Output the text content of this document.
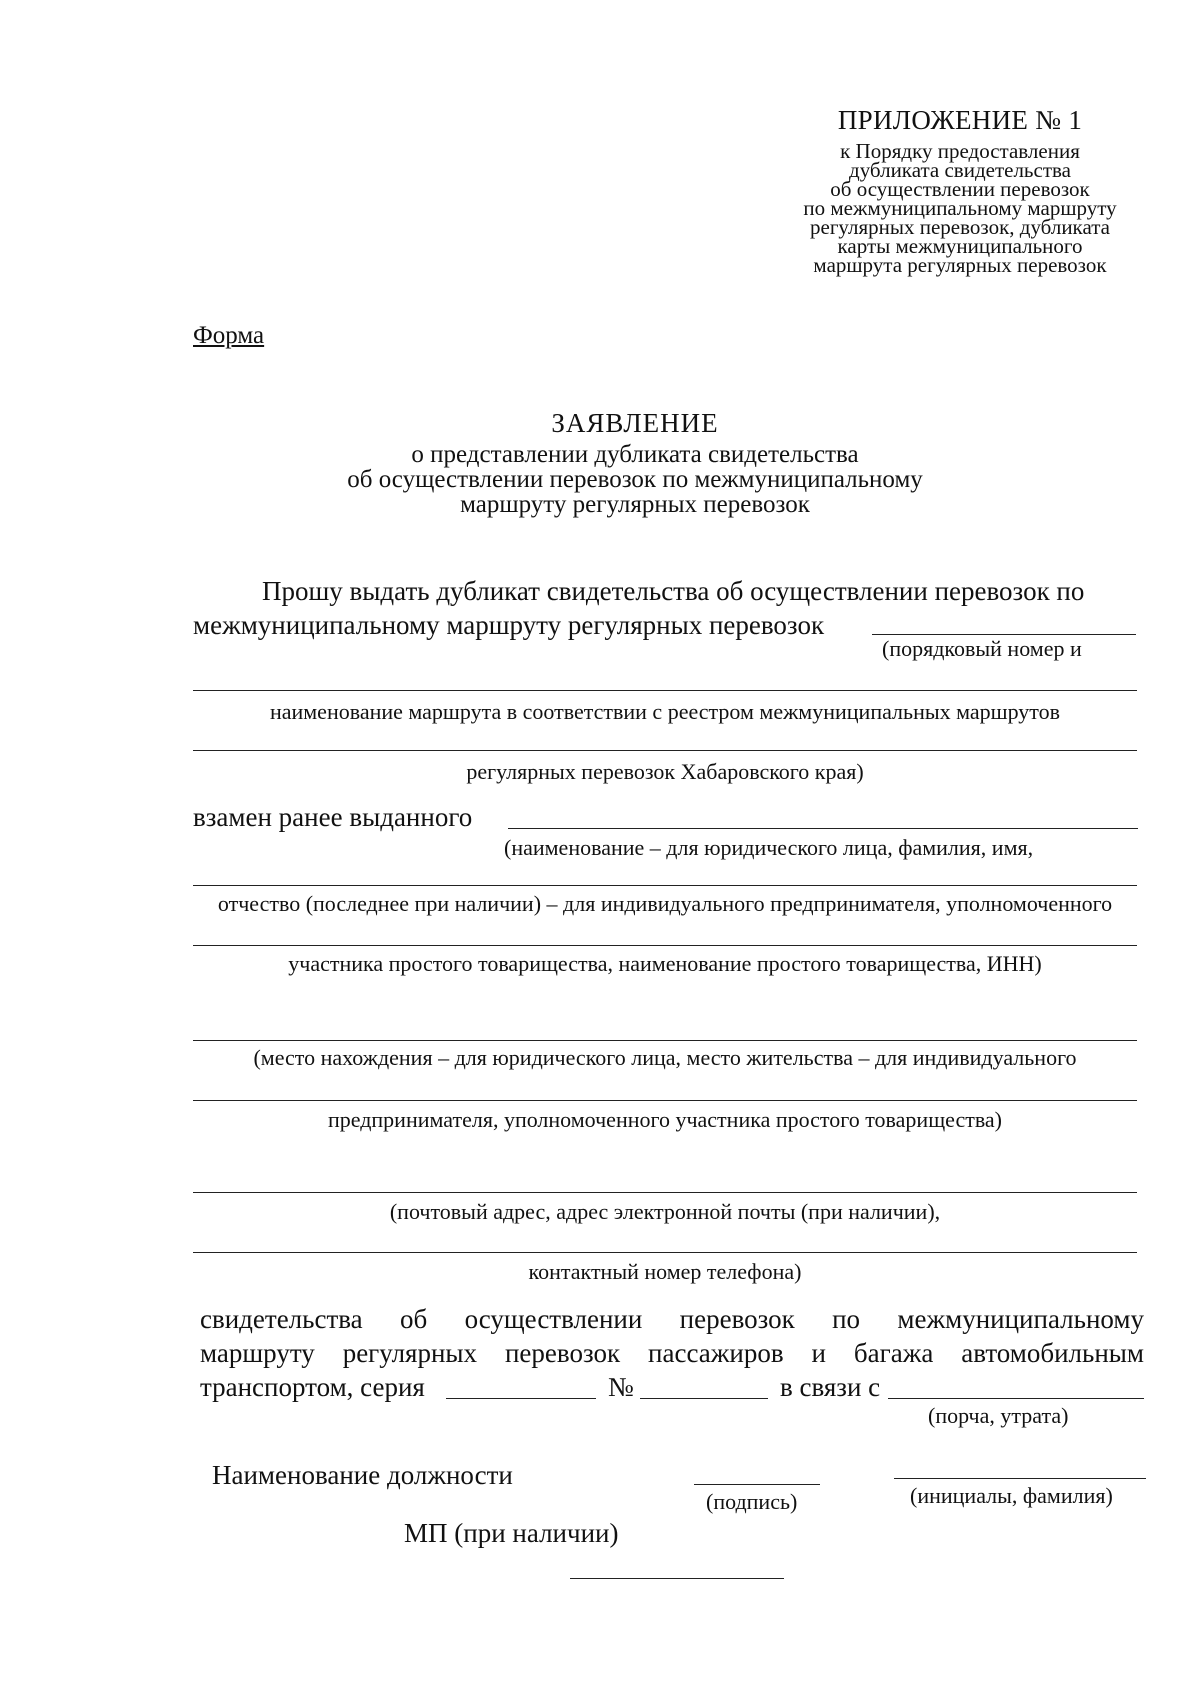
ПРИЛОЖЕНИЕ № 1
к Порядку предоставления
дубликата свидетельства
об осуществлении перевозок
по межмуниципальному маршруту
регулярных перевозок, дубликата
карты межмуниципального
маршрута регулярных перевозок
Форма
ЗАЯВЛЕНИЕ
о представлении дубликата свидетельства
об осуществлении перевозок по межмуниципальному
маршруту регулярных перевозок
Прошу выдать дубликат свидетельства об осуществлении перевозок по
межмуниципальному маршруту регулярных перевозок
(порядковый номер и
наименование маршрута в соответствии с реестром межмуниципальных маршрутов
регулярных перевозок Хабаровского края)
взамен ранее выданного
(наименование – для юридического лица, фамилия, имя,
отчество (последнее при наличии) – для индивидуального предпринимателя, уполномоченного
участника простого товарищества, наименование простого товарищества, ИНН)
(место нахождения – для юридического лица, место жительства – для индивидуального
предпринимателя, уполномоченного участника простого товарищества)
(почтовый адрес, адрес электронной почты (при наличии),
контактный номер телефона)
свидетельства об осуществлении перевозок по межмуниципальному
маршруту регулярных перевозок пассажиров и багажа автомобильным
транспортом, серия	№	в связи с
(порча, утрата)
Наименование должности
(подпись)	(инициалы, фамилия)
МП (при наличии)
